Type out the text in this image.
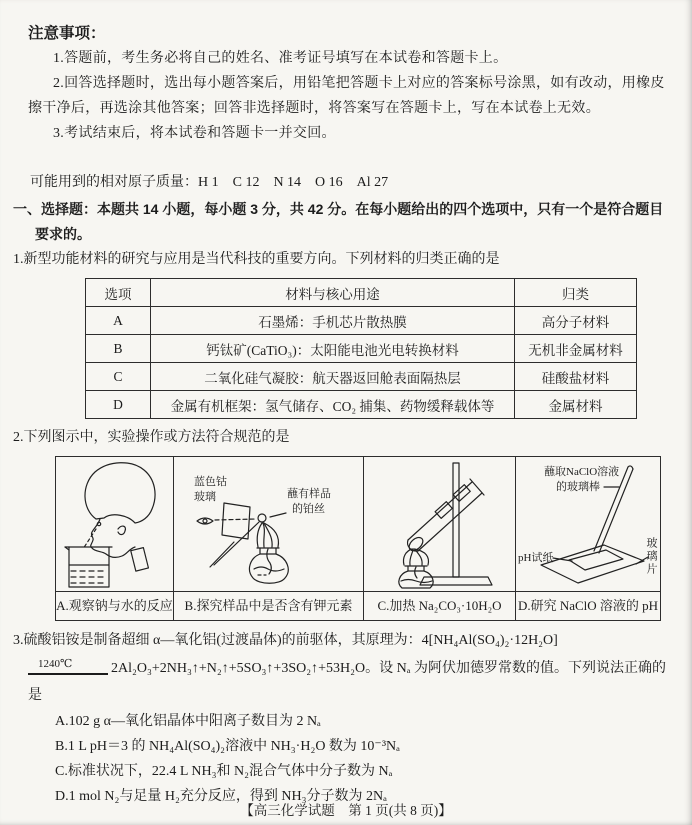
注意事项：
1.答题前，考生务必将自己的姓名、准考证号填写在本试卷和答题卡上。
2.回答选择题时，选出每小题答案后，用铅笔把答题卡上对应的答案标号涂黑，如有改动，用橡皮擦干净后，再选涂其他答案；回答非选择题时，将答案写在答题卡上，写在本试卷上无效。
3.考试结束后，将本试卷和答题卡一并交回。
可能用到的相对原子质量：H 1　C 12　N 14　O 16　Al 27
一、选择题：本题共 14 小题，每小题 3 分，共 42 分。在每小题给出的四个选项中，只有一个是符合题目要求的。
1.新型功能材料的研究与应用是当代科技的重要方向。下列材料的归类正确的是
选项	材料与核心用途	归类
A	石墨烯：手机芯片散热膜	高分子材料
B	钙钛矿(CaTiO₃)：太阳能电池光电转换材料	无机非金属材料
C	二氧化硅气凝胶：航天器返回舱表面隔热层	硅酸盐材料
D	金属有机框架：氢气储存、CO₂ 捕集、药物缓释载体等	金属材料
2.下列图示中，实验操作或方法符合规范的是
蓝色钴
玻璃	蘸有样品
的铂丝
蘸取NaClO溶液
的玻璃棒
pH试纸	玻璃片
A.观察钠与水的反应 B.探究样品中是否含有钾元素	C.加热 Na₂CO₃·10H₂O	D.研究 NaClO 溶液的 pH
3.硫酸铝铵是制备超细 α—氧化铝(过渡晶体)的前驱体，其原理为：4[NH₄Al(SO₄)₂·12H₂O]
1240℃	2Al₂O₃+2NH₃↑+N₂↑+5SO₃↑+3SO₂↑+53H₂O。设 Nₐ 为阿伏加德罗常数的值。下列说法正确的是
A.102 g α—氧化铝晶体中阳离子数目为 2 Nₐ
B.1 L pH＝3 的 NH₄Al(SO₄)₂溶液中 NH₃·H₂O 数为 10⁻³Nₐ
C.标准状况下，22.4 L NH₃和 N₂混合气体中分子数为 Nₐ
D.1 mol N₂与足量 H₂充分反应，得到 NH₃分子数为 2Nₐ
【高三化学试题　第 1 页(共 8 页)】
